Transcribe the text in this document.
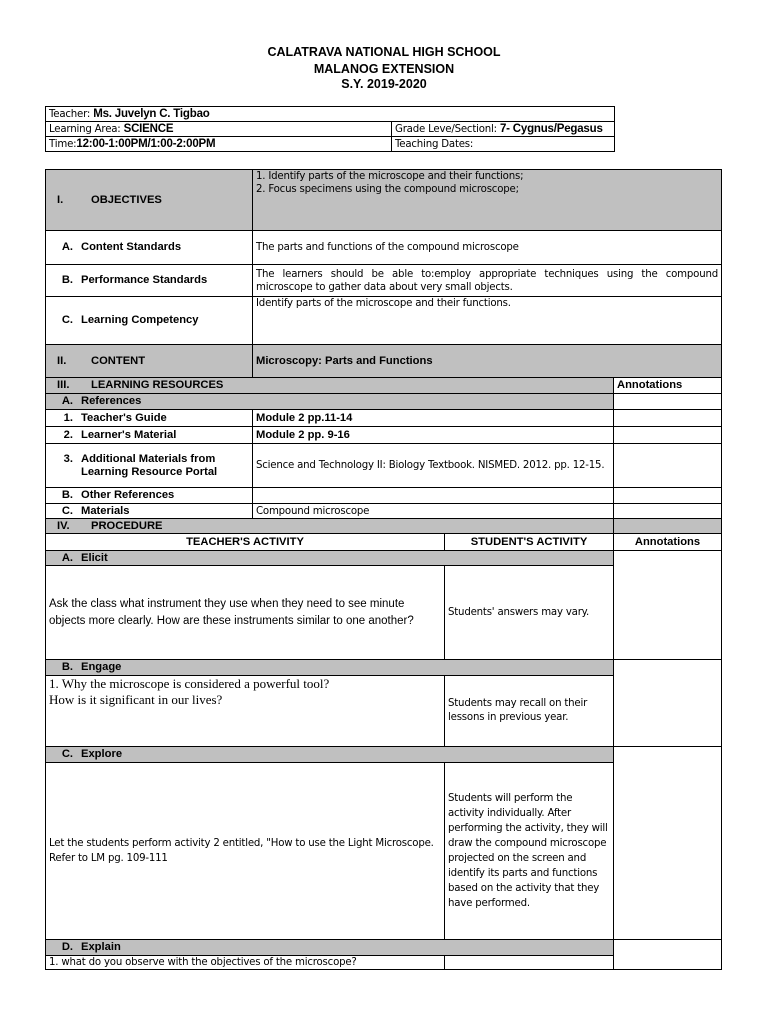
CALATRAVA NATIONAL HIGH SCHOOL
MALANOG EXTENSION
S.Y. 2019-2020
Teacher: Ms. Juvelyn C. Tigbao	
Learning Area: SCIENCE	Grade Leve/Sectionl: 7- Cygnus/Pegasus
Time:12:00-1:00PM/1:00-2:00PM	Teaching Dates:
I. OBJECTIVES	1. Identify parts of the microscope and their functions;
2. Focus specimens using the compound microscope;		

A. Content Standards	The parts and functions of the compound microscope		
B. Performance Standards	The learners should be able to:employ appropriate techniques using the compound microscope to gather data about very small objects.		
C. Learning Competency	Identify parts of the microscope and their functions.		
II. CONTENT	Microscopy: Parts and Functions		
III. LEARNING RESOURCES			Annotations
A. References			
1. Teacher's Guide	Module 2 pp.11-14		
2. Learner's Material	Module 2 pp. 9-16		

3. Additional Materials from Learning Resource Portal	Science and Technology II: Biology Textbook. NISMED. 2012. pp. 12-15.		
B. Other References			
C. Materials	Compound microscope		
IV. PROCEDURE			
TEACHER'S ACTIVITY		STUDENT'S ACTIVITY	Annotations
A. Elicit			
Ask the class what instrument they use when they need to see minute objects more clearly. How are these instruments similar to one another?		Students' answers may vary.	
B. Engage			

1. Why the microscope is considered a powerful tool?
How is it significant in our lives?		Students may recall on their lessons in previous year.	
C. Explore			

Let the students perform activity 2 entitled, "How to use the Light Microscope.
Refer to LM pg. 109-111		Students will perform the activity individually. After performing the activity, they will draw the compound microscope projected on the screen and identify its parts and functions based on the activity that they have performed.	
D. Explain			
1. what do you observe with the objectives of the microscope?			
